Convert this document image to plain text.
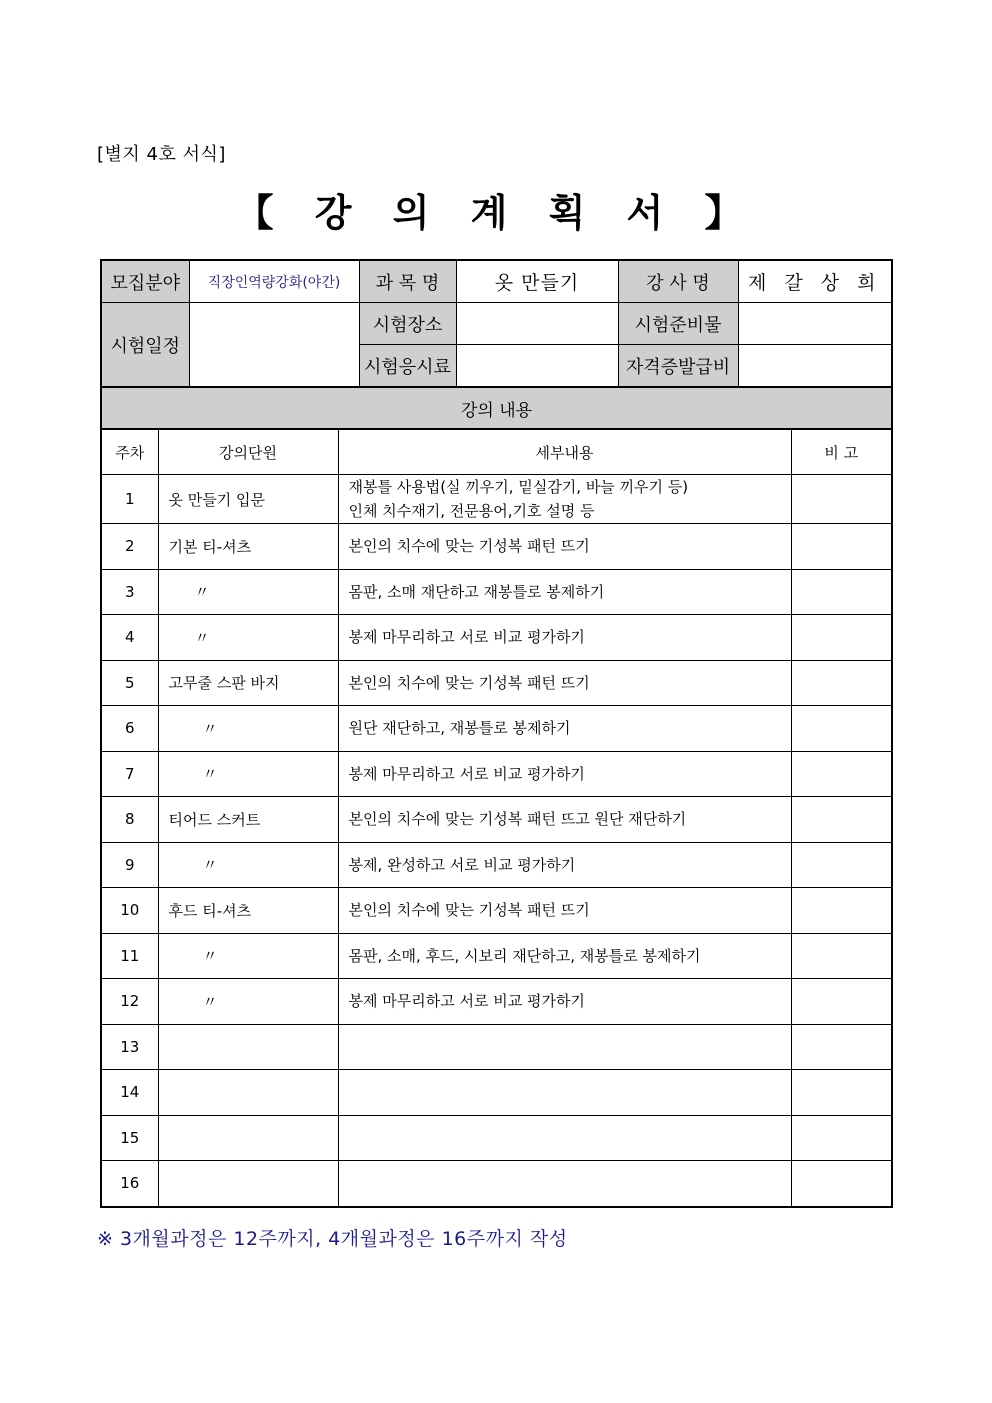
[별지 4호 서식]
【 강 의 계 획 서 】
모집분야	직장인역량강화(야간)	과 목 명	옷 만들기	강 사 명	제 갈 상 희
시험일정		시험장소		시험준비물	
		시험응시료		자격증발급비	
강의 내용			
주차	강의단원	세부내용	비 고
1	옷 만들기 입문	재봉틀 사용법(실 끼우기, 밑실감기, 바늘 끼우기 등)
인체 치수재기, 전문용어,기호 설명 등	

2	기본 티-셔츠	본인의 치수에 맞는 기성복 패턴 뜨기	

3	〃	몸판, 소매 재단하고 재봉틀로 봉제하기	

4	〃	봉제 마무리하고 서로 비교 평가하기	

5	고무줄 스판 바지	본인의 치수에 맞는 기성복 패턴 뜨기	

6	〃	원단 재단하고, 재봉틀로 봉제하기	

7	〃	봉제 마무리하고 서로 비교 평가하기	

8	티어드 스커트	본인의 치수에 맞는 기성복 패턴 뜨고 원단 재단하기	

9	〃	봉제, 완성하고 서로 비교 평가하기	

10	후드 티-셔츠	본인의 치수에 맞는 기성복 패턴 뜨기	

11	〃	몸판, 소매, 후드, 시보리 재단하고, 재봉틀로 봉제하기	

12	〃	봉제 마무리하고 서로 비교 평가하기	

13		

14		

15		

16		

※ 3개월과정은 12주까지, 4개월과정은 16주까지 작성
